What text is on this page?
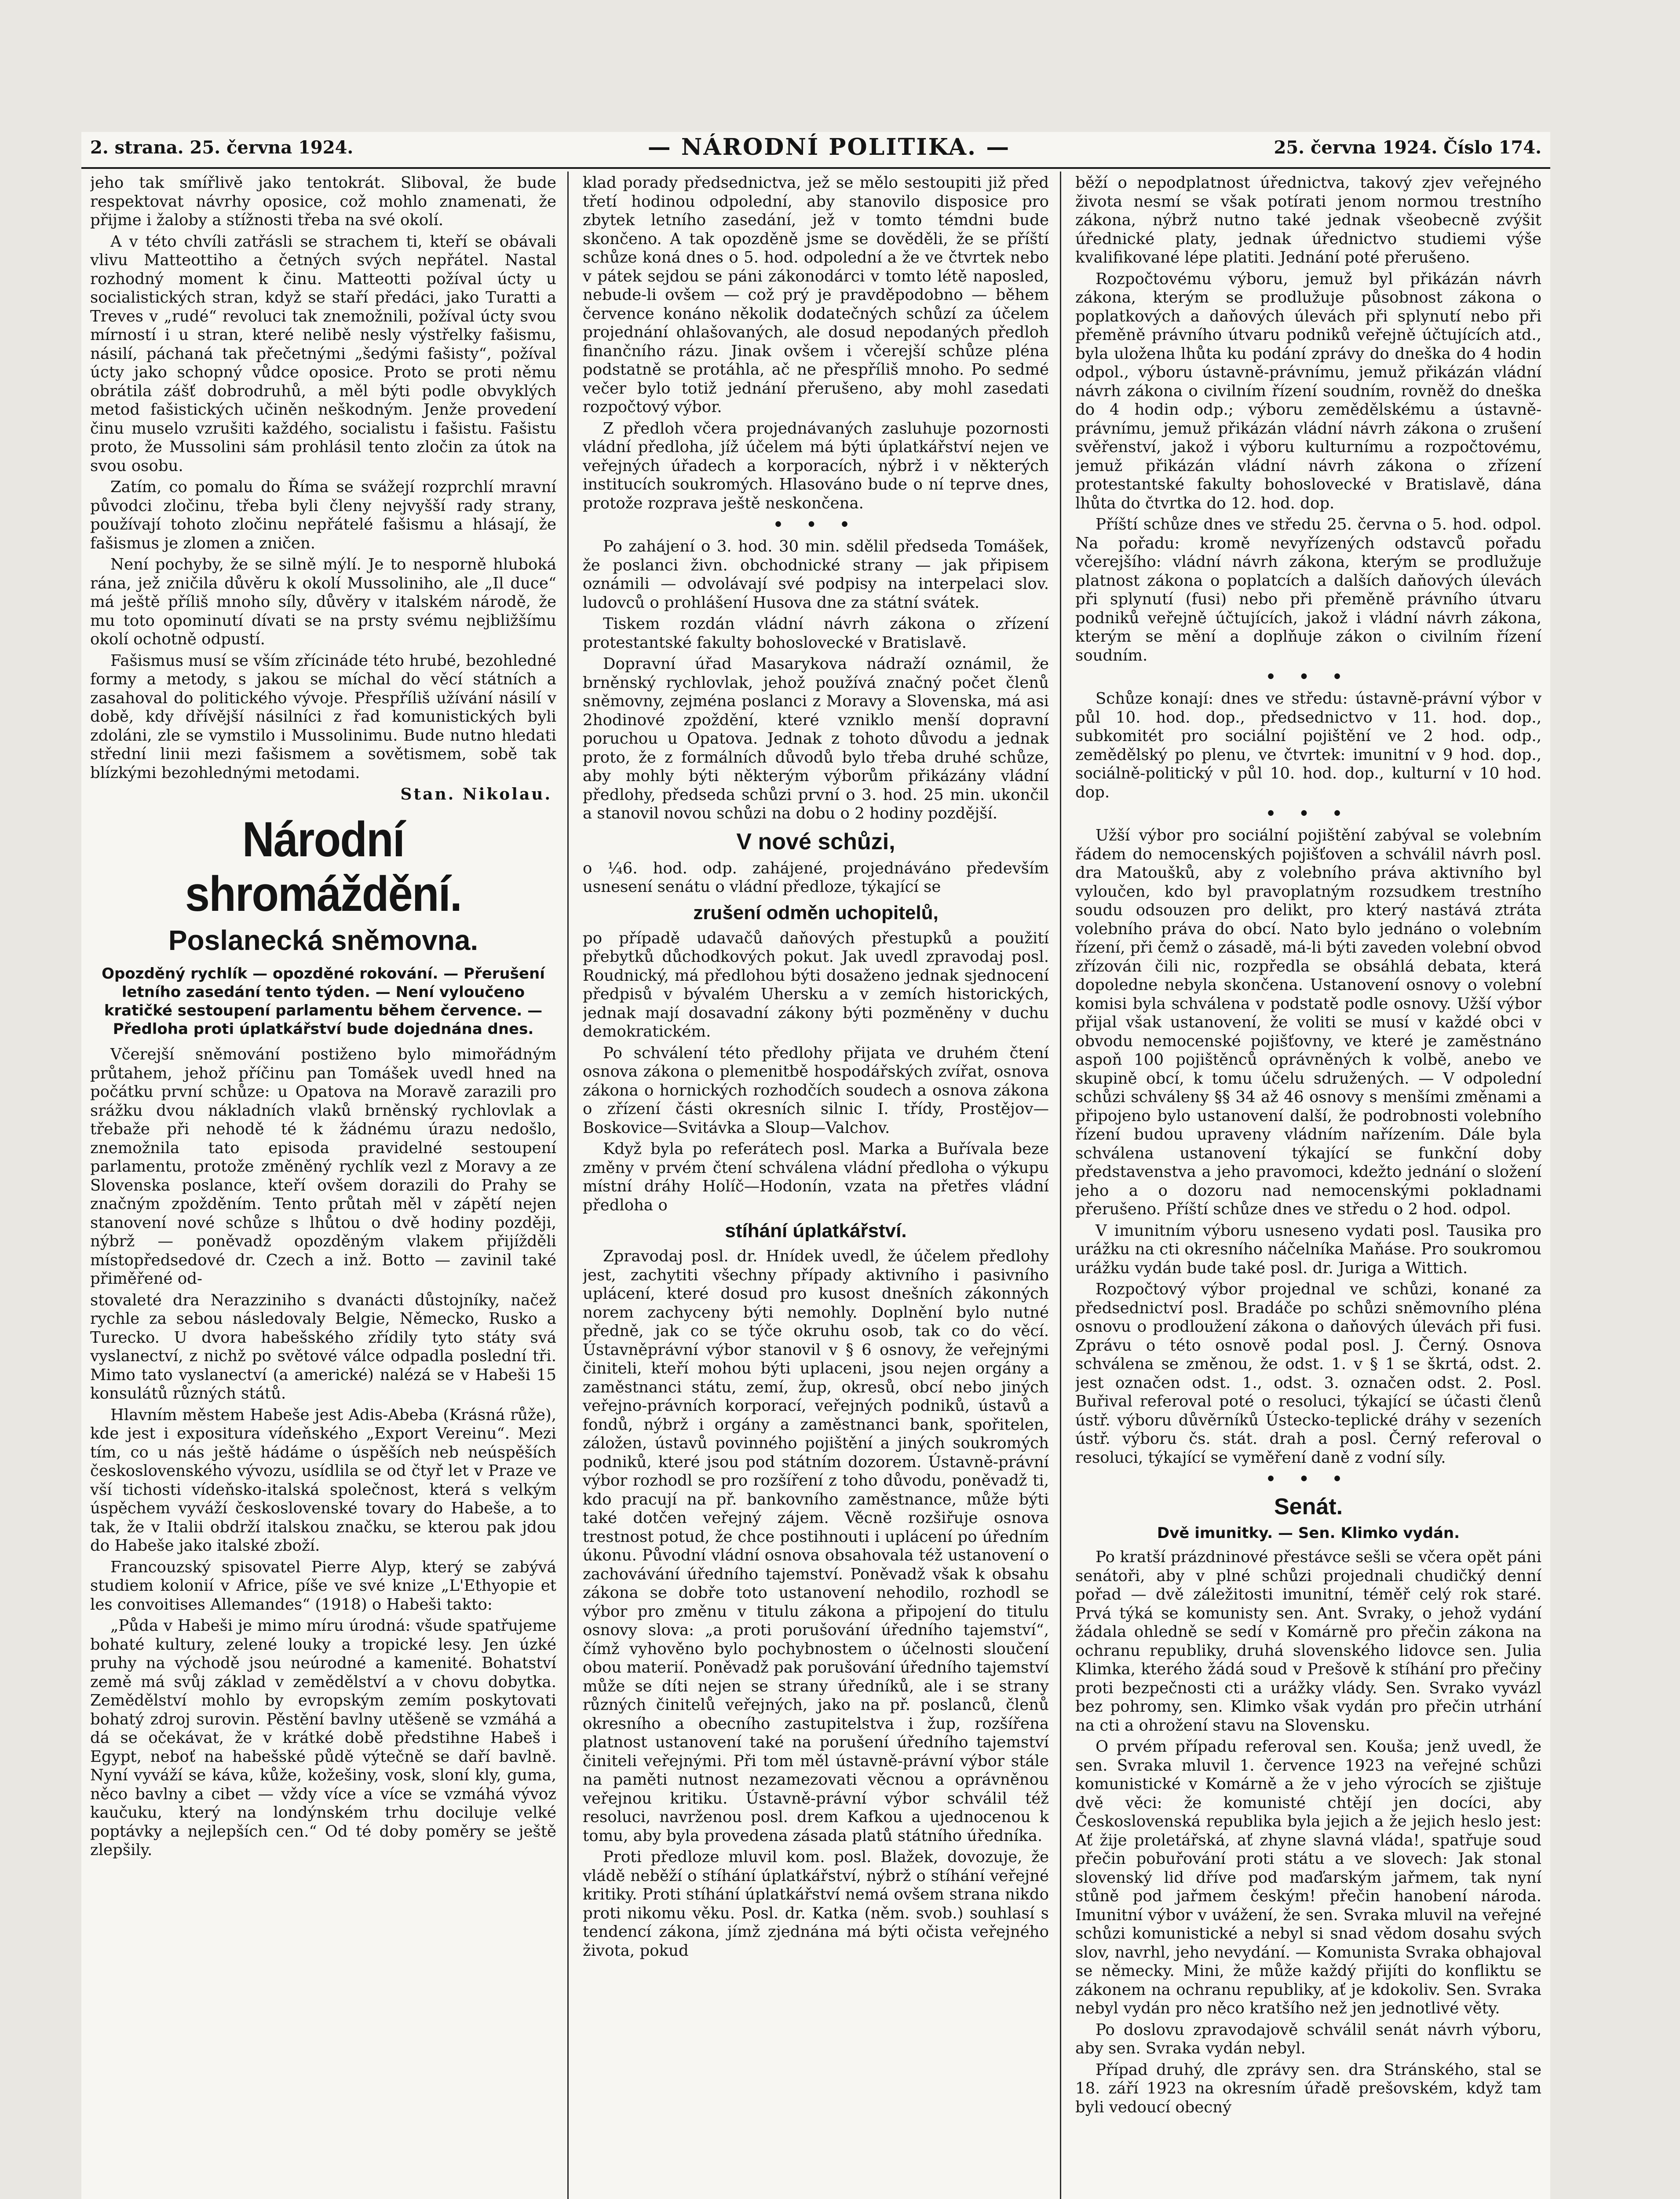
2. strana. 25. června 1924.	— NÁRODNÍ POLITIKA. —	25. června 1924. Číslo 174.

jeho tak smířlivě jako tentokrát. Sliboval, že bude respektovat návrhy oposice, což mohlo znamenati, že přijme i žaloby a stížnosti třeba na své okolí.

A v této chvíli zatřásli se strachem ti, kteří se obávali vlivu Matteottiho a četných svých nepřátel. Nastal rozhodný moment k činu. Matteotti požíval úcty u socialistických stran, když se staří předáci, jako Turatti a Treves v „rudé“ revoluci tak znemožnili, požíval úcty svou mírností i u stran, které nelibě nesly výstřelky fašismu, násilí, páchaná tak přečetnými „šedými fašisty“, požíval úcty jako schopný vůdce oposice. Proto se proti němu obrátila zášť dobrodruhů, a měl býti podle obvyklých metod fašistických učiněn neškodným. Jenže provedení činu muselo vzrušiti každého, socialistu i fašistu. Fašistu proto, že Mussolini sám prohlásil tento zločin za útok na svou osobu.

Zatím, co pomalu do Říma se svážejí rozprchlí mravní původci zločinu, třeba byli členy nejvyšší rady strany, používají tohoto zločinu nepřátelé fašismu a hlásají, že fašismus je zlomen a zničen.

Není pochyby, že se silně mýlí. Je to nesporně hluboká rána, jež zničila důvěru k okolí Mussoliniho, ale „Il duce“ má ještě příliš mnoho síly, důvěry v italském národě, že mu toto opominutí dívati se na prsty svému nejbližšímu okolí ochotně odpustí.

Fašismus musí se vším zřícináde této hrubé, bezohledné formy a metody, s jakou se míchal do věcí státních a zasahoval do politického vývoje. Přespříliš užívání násilí v době, kdy dřívější násilníci z řad komunistických byli zdoláni, zle se vymstilo i Mussolinimu. Bude nutno hledati střední linii mezi fašismem a sovětismem, sobě tak blízkými bezohlednými metodami.

Stan. Nikolau.
Národní shromáždění.
Poslanecká sněmovna.
Opozděný rychlík — opozděné rokování. — Přerušení letního zasedání tento týden. — Není vyloučeno kratičké sestoupení parlamentu během července. — Předloha proti úplatkářství bude dojednána dnes.

Včerejší sněmování postiženo bylo mimořádným průtahem, jehož příčinu pan Tomášek uvedl hned na počátku první schůze: u Opatova na Moravě zarazili pro srážku dvou nákladních vlaků brněnský rychlovlak a třebaže při nehodě té k žádnému úrazu nedošlo, znemožnila tato episoda pravidelné sestoupení parlamentu, protože změněný rychlík vezl z Moravy a ze Slovenska poslance, kteří ovšem dorazili do Prahy se značným zpožděním. Tento průtah měl v zápětí nejen stanovení nové schůze s lhůtou o dvě hodiny později, nýbrž — poněvadž opozděným vlakem přijížděli místopředsedové dr. Czech a inž. Botto — zavinil také přiměřené od-

stovaleté dra Nerazziniho s dvanácti důstojníky, načež rychle za sebou následovaly Belgie, Německo, Rusko a Turecko. U dvora habešského zřídily tyto státy svá vyslanectví, z nichž po světové válce odpadla poslední tři. Mimo tato vyslanectví (a americké) nalézá se v Habeši 15 konsulátů různých států.

Hlavním městem Habeše jest Adis-Abeba (Krásná růže), kde jest i expositura vídeňského „Export Vereinu“. Mezi tím, co u nás ještě hádáme o úspěších neb neúspěších československého vývozu, usídlila se od čtyř let v Praze ve vší tichosti vídeňsko-italská společnost, která s velkým úspěchem vyváží československé tovary do Habeše, a to tak, že v Italii obdrží italskou značku, se kterou pak jdou do Habeše jako italské zboží.

Francouzský spisovatel Pierre Alyp, který se zabývá studiem kolonií v Africe, píše ve své knize „L'Ethyopie et les convoitises Allemandes“ (1918) o Habeši takto:

„Půda v Habeši je mimo míru úrodná: všude spatřujeme bohaté kultury, zelené louky a tropické lesy. Jen úzké pruhy na východě jsou neúrodné a kamenité. Bohatství země má svůj základ v zemědělství a v chovu dobytka. Zemědělství mohlo by evropským zemím poskytovati bohatý zdroj surovin. Pěstění bavlny utěšeně se vzmáhá a dá se očekávat, že v krátké době předstihne Habeš i Egypt, neboť na habešské půdě výtečně se daří bavlně. Nyní vyváží se káva, kůže, kožešiny, vosk, sloní kly, guma, něco bavlny a cibet — vždy více a více se vzmáhá vývoz kaučuku, který na londýnském trhu dociluje velké poptávky a nejlepších cen.“ Od té doby poměry se ještě zlepšily.

klad porady předsednictva, jež se mělo sestoupiti již před třetí hodinou odpolední, aby stanovilo disposice pro zbytek letního zasedání, jež v tomto témdni bude skončeno. A tak opozděně jsme se dověděli, že se příští schůze koná dnes o 5. hod. odpolední a že ve čtvrtek nebo v pátek sejdou se páni zákonodárci v tomto létě naposled, nebude-li ovšem — což prý je pravděpodobno — během července konáno několik dodatečných schůzí za účelem projednání ohlašovaných, ale dosud nepodaných předloh finančního rázu. Jinak ovšem i včerejší schůze pléna podstatně se protáhla, ač ne přespříliš mnoho. Po sedmé večer bylo totiž jednání přerušeno, aby mohl zasedati rozpočtový výbor.

Z předloh včera projednávaných zasluhuje pozornosti vládní předloha, jíž účelem má býti úplatkářství nejen ve veřejných úřadech a korporacích, nýbrž i v některých institucích soukromých. Hlasováno bude o ní teprve dnes, protože rozprava ještě neskončena.

• • •

Po zahájení o 3. hod. 30 min. sdělil předseda Tomášek, že poslanci živn. obchodnické strany — jak připisem oznámili — odvolávají své podpisy na interpelaci slov. ludovců o prohlášení Husova dne za státní svátek.

Tiskem rozdán vládní návrh zákona o zřízení protestantské fakulty bohoslovecké v Bratislavě.

Dopravní úřad Masarykova nádraží oznámil, že brněnský rychlovlak, jehož používá značný počet členů sněmovny, zejména poslanci z Moravy a Slovenska, má asi 2hodinové zpoždění, které vzniklo menší dopravní poruchou u Opatova. Jednak z tohoto důvodu a jednak proto, že z formálních důvodů bylo třeba druhé schůze, aby mohly býti některým výborům přikázány vládní předlohy, předseda schůzi první o 3. hod. 25 min. ukončil a stanovil novou schůzi na dobu o 2 hodiny pozdější.

V nové schůzi,

o ¼6. hod. odp. zahájené, projednáváno především usnesení senátu o vládní předloze, týkající se

zrušení odměn uchopitelů,

po případě udavačů daňových přestupků a použití přebytků důchodkových pokut. Jak uvedl zpravodaj posl. Roudnický, má předlohou býti dosaženo jednak sjednocení předpisů v bývalém Uhersku a v zemích historických, jednak mají dosavadní zákony býti pozměněny v duchu demokratickém.

Po schválení této předlohy přijata ve druhém čtení osnova zákona o plemenitbě hospodářských zvířat, osnova zákona o hornických rozhodčích soudech a osnova zákona o zřízení části okresních silnic I. třídy, Prostějov—Boskovice—Svitávka a Sloup—Valchov.

Když byla po referátech posl. Marka a Buřívala beze změny v prvém čtení schválena vládní předloha o výkupu místní dráhy Holíč—Hodonín, vzata na přetřes vládní předloha o

stíhání úplatkářství.

Zpravodaj posl. dr. Hnídek uvedl, že účelem předlohy jest, zachytiti všechny případy aktivního i pasivního uplácení, které dosud pro kusost dnešních zákonných norem zachyceny býti nemohly. Doplnění bylo nutné předně, jak co se týče okruhu osob, tak co do věcí. Ústavněprávní výbor stanovil v § 6 osnovy, že veřejnými činiteli, kteří mohou býti uplaceni, jsou nejen orgány a zaměstnanci státu, zemí, žup, okresů, obcí nebo jiných veřejno-právních korporací, veřejných podniků, ústavů a fondů, nýbrž i orgány a zaměstnanci bank, spořitelen, záložen, ústavů povinného pojištění a jiných soukromých podniků, které jsou pod státním dozorem. Ústavně-právní výbor rozhodl se pro rozšíření z toho důvodu, poněvadž ti, kdo pracují na př. bankovního zaměstnance, může býti také dotčen veřejný zájem. Věcně rozšiřuje osnova trestnost potud, že chce postihnouti i uplácení po úředním úkonu. Původní vládní osnova obsahovala též ustanovení o zachovávání úředního tajemství. Poněvadž však k obsahu zákona se dobře toto ustanovení nehodilo, rozhodl se výbor pro změnu v titulu zákona a připojení do titulu osnovy slova: „a proti porušování úředního tajemství“, čímž vyhověno bylo pochybnostem o účelnosti sloučení obou materií. Poněvadž pak porušování úředního tajemství může se díti nejen se strany úředníků, ale i se strany různých činitelů veřejných, jako na př. poslanců, členů okresního a obecního zastupitelstva i žup, rozšířena platnost ustanovení také na porušení úředního tajemství činiteli veřejnými. Při tom měl ústavně-právní výbor stále na paměti nutnost nezamezovati věcnou a oprávněnou veřejnou kritiku. Ústavně-právní výbor schválil též resoluci, navrženou posl. drem Kafkou a ujednocenou k tomu, aby byla provedena zásada platů státního úředníka.

Proti předloze mluvil kom. posl. Blažek, dovozuje, že vládě neběží o stíhání úplatkářství, nýbrž o stíhání veřejné kritiky. Proti stíhání úplatkářství nemá ovšem strana nikdo proti nikomu věku. Posl. dr. Katka (něm. svob.) souhlasí s tendencí zákona, jímž zjednána má býti očista veřejného života, pokud

běží o nepodplatnost úřednictva, takový zjev veřejného života nesmí se však potírati jenom normou trestního zákona, nýbrž nutno také jednak všeobecně zvýšit úřednické platy, jednak úřednictvo studiemi výše kvalifikované lépe platiti. Jednání poté přerušeno.

Rozpočtovému výboru, jemuž byl přikázán návrh zákona, kterým se prodlužuje působnost zákona o poplatkových a daňových úlevách při splynutí nebo při přeměně právního útvaru podniků veřejně účtujících atd., byla uložena lhůta ku podání zprávy do dneška do 4 hodin odpol., výboru ústavně-právnímu, jemuž přikázán vládní návrh zákona o civilním řízení soudním, rovněž do dneška do 4 hodin odp.; výboru zemědělskému a ústavně-právnímu, jemuž přikázán vládní návrh zákona o zrušení svěřenství, jakož i výboru kulturnímu a rozpočtovému, jemuž přikázán vládní návrh zákona o zřízení protestantské fakulty bohoslovecké v Bratislavě, dána lhůta do čtvrtka do 12. hod. dop.

Příští schůze dnes ve středu 25. června o 5. hod. odpol. Na pořadu: kromě nevyřízených odstavců pořadu včerejšího: vládní návrh zákona, kterým se prodlužuje platnost zákona o poplatcích a dalších daňových úlevách při splynutí (fusi) nebo při přeměně právního útvaru podniků veřejně účtujících, jakož i vládní návrh zákona, kterým se mění a doplňuje zákon o civilním řízení soudním.

• • •

Schůze konají: dnes ve středu: ústavně-právní výbor v půl 10. hod. dop., předsednictvo v 11. hod. dop., subkomitét pro sociální pojištění ve 2 hod. odp., zemědělský po plenu, ve čtvrtek: imunitní v 9 hod. dop., sociálně-politický v půl 10. hod. dop., kulturní v 10 hod. dop.

• • •

Užší výbor pro sociální pojištění zabýval se volebním řádem do nemocenských pojišťoven a schválil návrh posl. dra Matoušků, aby z volebního práva aktivního byl vyloučen, kdo byl pravoplatným rozsudkem trestního soudu odsouzen pro delikt, pro který nastává ztráta volebního práva do obcí. Nato bylo jednáno o volebním řízení, při čemž o zásadě, má-li býti zaveden volební obvod zřízován čili nic, rozpředla se obsáhlá debata, která dopoledne nebyla skončena. Ustanovení osnovy o volební komisi byla schválena v podstatě podle osnovy. Užší výbor přijal však ustanovení, že voliti se musí v každé obci v obvodu nemocenské pojišťovny, ve které je zaměstnáno aspoň 100 pojištěnců oprávněných k volbě, anebo ve skupině obcí, k tomu účelu sdružených. — V odpolední schůzi schváleny §§ 34 až 46 osnovy s menšími změnami a připojeno bylo ustanovení další, že podrobnosti volebního řízení budou upraveny vládním nařízením. Dále byla schválena ustanovení týkající se funkční doby představenstva a jeho pravomoci, kdežto jednání o složení jeho a o dozoru nad nemocenskými pokladnami přerušeno. Příští schůze dnes ve středu o 2 hod. odpol.

V imunitním výboru usneseno vydati posl. Tausika pro urážku na cti okresního náčelníka Maňáse. Pro soukromou urážku vydán bude také posl. dr. Juriga a Wittich.

Rozpočtový výbor projednal ve schůzi, konané za předsednictví posl. Bradáče po schůzi sněmovního pléna osnovu o prodloužení zákona o daňových úlevách při fusi. Zprávu o této osnově podal posl. J. Černý. Osnova schválena se změnou, že odst. 1. v § 1 se škrtá, odst. 2. jest označen odst. 1., odst. 3. označen odst. 2. Posl. Buřival referoval poté o resoluci, týkající se účasti členů ústř. výboru důvěrníků Ústecko-teplické dráhy v sezeních ústř. výboru čs. stát. drah a posl. Černý referoval o resoluci, týkající se vyměření daně z vodní síly.

• • •
Senát.
Dvě imunitky. — Sen. Klimko vydán.

Po kratší prázdninové přestávce sešli se včera opět páni senátoři, aby v plné schůzi projednali chudičký denní pořad — dvě záležitosti imunitní, téměř celý rok staré. Prvá týká se komunisty sen. Ant. Svraky, o jehož vydání žádala ohledně se sedí v Komárně pro přečin zákona na ochranu republiky, druhá slovenského lidovce sen. Julia Klimka, kterého žádá soud v Prešově k stíhání pro přečiny proti bezpečnosti cti a urážky vlády. Sen. Svrako vyvázl bez pohromy, sen. Klimko však vydán pro přečin utrhání na cti a ohrožení stavu na Slovensku.

O prvém případu referoval sen. Kouša; jenž uvedl, že sen. Svraka mluvil 1. července 1923 na veřejné schůzi komunistické v Komárně a že v jeho výrocích se zjištuje dvě věci: že komunisté chtějí jen docíci, aby Československá republika byla jejich a že jejich heslo jest: Ať žije proletářská, ať zhyne slavná vláda!, spatřuje soud přečin pobuřování proti státu a ve slovech: Jak stonal slovenský lid dříve pod maďarským jařmem, tak nyní stůně pod jařmem českým! přečin hanobení národa. Imunitní výbor v uvážení, že sen. Svraka mluvil na veřejné schůzi komunistické a nebyl si snad vědom dosahu svých slov, navrhl, jeho nevydání. — Komunista Svraka obhajoval se německy. Mini, že může každý přijíti do konfliktu se zákonem na ochranu republiky, ať je kdokoliv. Sen. Svraka nebyl vydán pro něco kratšího než jen jednotlivé věty.

Po doslovu zpravodajově schválil senát návrh výboru, aby sen. Svraka vydán nebyl.

Případ druhý, dle zprávy sen. dra Stránského, stal se 18. září 1923 na okresním úřadě prešovském, když tam byli vedoucí obecný
